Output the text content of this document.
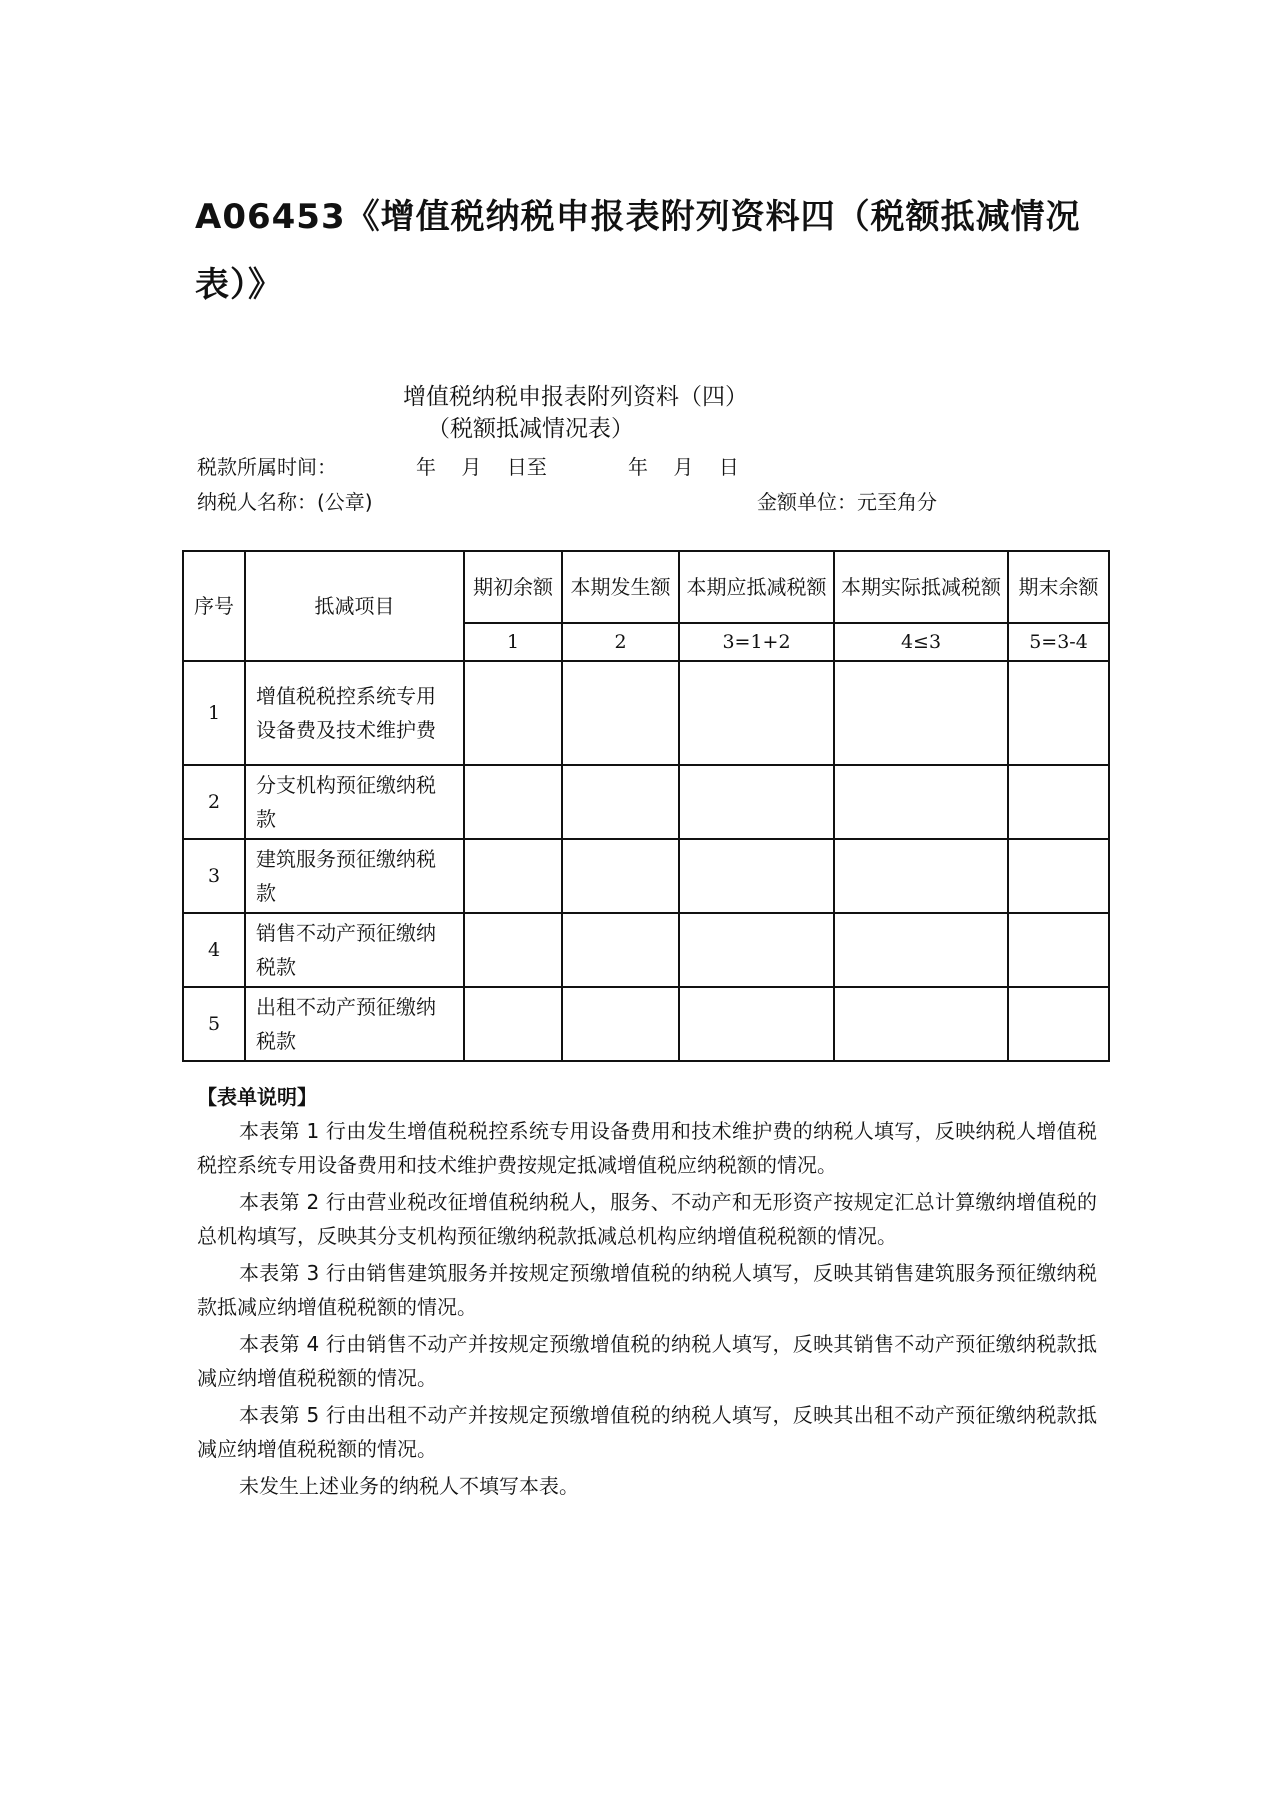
A06453《增值税纳税申报表附列资料四（税额抵减情况表）》
增值税纳税申报表附列资料（四）
（税额抵减情况表）
税款所属时间：	年    月    日至	年    月    日
纳税人名称：(公章)	金额单位：元至角分
序号	抵减项目	期初余额	本期发生额	本期应抵减税额	本期实际抵减税额	期末余额
		1	2	3=1+2	4≤3	5=3-4
1	增值税税控系统专用设备费及技术维护费					
2	分支机构预征缴纳税款					
3	建筑服务预征缴纳税款					
4	销售不动产预征缴纳税款					
5	出租不动产预征缴纳税款					
【表单说明】

本表第 1 行由发生增值税税控系统专用设备费用和技术维护费的纳税人填写，反映纳税人增值税税控系统专用设备费用和技术维护费按规定抵减增值税应纳税额的情况。

本表第 2 行由营业税改征增值税纳税人，服务、不动产和无形资产按规定汇总计算缴纳增值税的总机构填写，反映其分支机构预征缴纳税款抵减总机构应纳增值税税额的情况。

本表第 3 行由销售建筑服务并按规定预缴增值税的纳税人填写，反映其销售建筑服务预征缴纳税款抵减应纳增值税税额的情况。

本表第 4 行由销售不动产并按规定预缴增值税的纳税人填写，反映其销售不动产预征缴纳税款抵减应纳增值税税额的情况。

本表第 5 行由出租不动产并按规定预缴增值税的纳税人填写，反映其出租不动产预征缴纳税款抵减应纳增值税税额的情况。

未发生上述业务的纳税人不填写本表。
